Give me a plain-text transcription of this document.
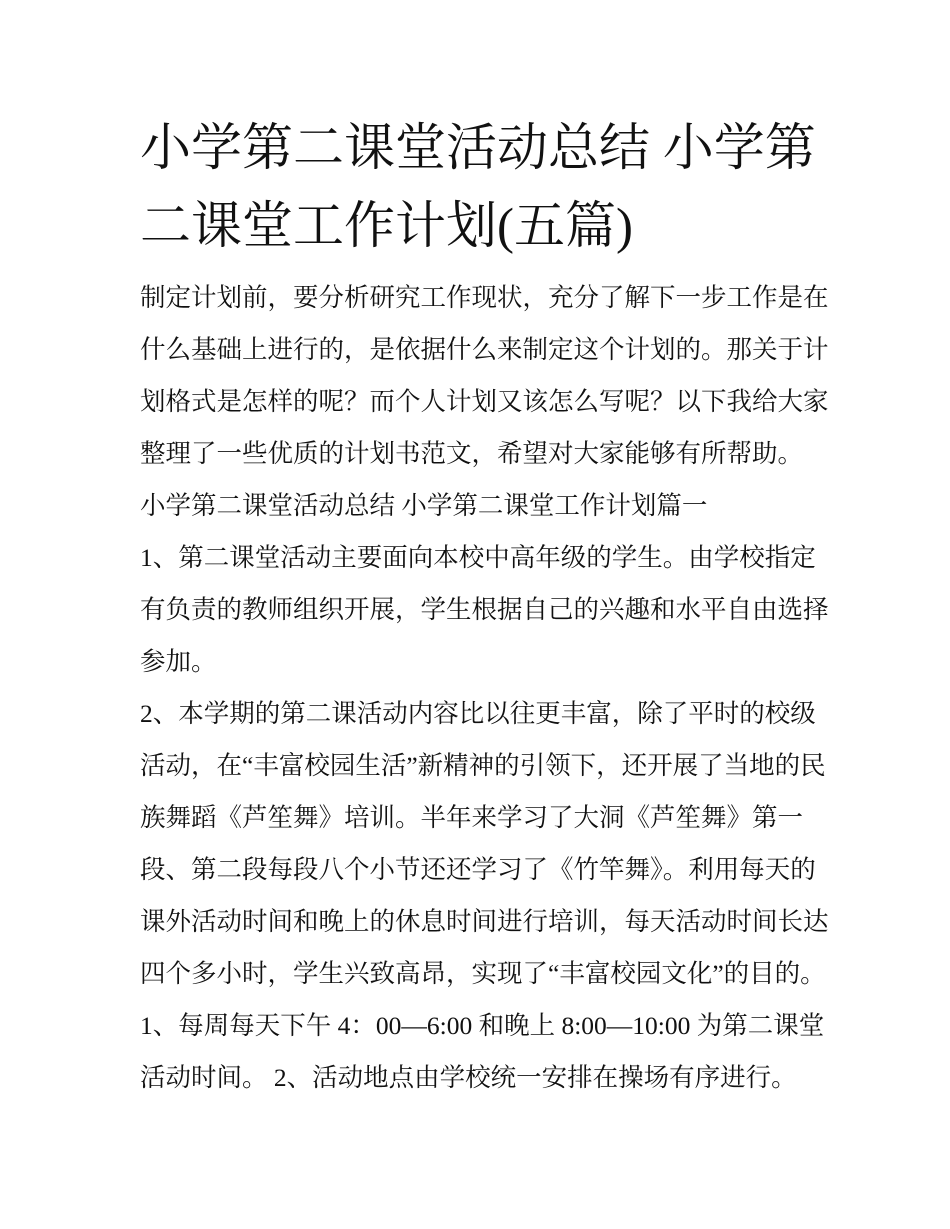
小学第二课堂活动总结 小学第
二课堂工作计划(五篇)
制定计划前，要分析研究工作现状，充分了解下一步工作是在
什么基础上进行的，是依据什么来制定这个计划的。那关于计
划格式是怎样的呢？而个人计划又该怎么写呢？以下我给大家
整理了一些优质的计划书范文，希望对大家能够有所帮助。
小学第二课堂活动总结 小学第二课堂工作计划篇一
1、第二课堂活动主要面向本校中高年级的学生。由学校指定
有负责的教师组织开展，学生根据自己的兴趣和水平自由选择
参加。
2、本学期的第二课活动内容比以往更丰富，除了平时的校级
活动，在“丰富校园生活”新精神的引领下，还开展了当地的民
族舞蹈《芦笙舞》培训。半年来学习了大洞《芦笙舞》第一
段、第二段每段八个小节还还学习了《竹竿舞》。利用每天的
课外活动时间和晚上的休息时间进行培训，每天活动时间长达
四个多小时，学生兴致高昂，实现了“丰富校园文化”的目的。
1、每周每天下午 4：00—6:00 和晚上 8:00—10:00 为第二课堂
活动时间。 2、活动地点由学校统一安排在操场有序进行。
